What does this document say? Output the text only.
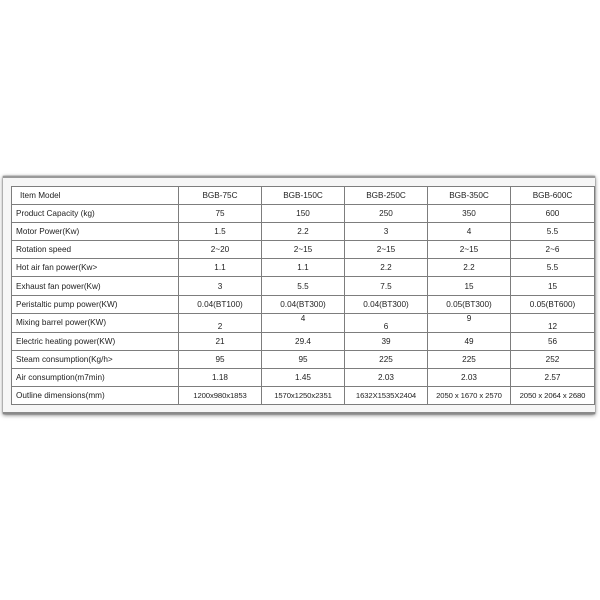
Item Model	BGB-75C	BGB-150C	BGB-250C	BGB-350C	BGB-600C
Product Capacity (kg)	75	150	250	350	600
Motor Power(Kw)	1.5	2.2	3	4	5.5
Rotation speed	2~20	2~15	2~15	2~15	2~6
Hot air fan power(Kw>	1.1	1.1	2.2	2.2	5.5
Exhaust fan power(Kw)	3	5.5	7.5	15	15
Peristaltic pump power(KW)	0.04(BT100)	0.04(BT300)	0.04(BT300)	0.05(BT300)	0.05(BT600)
Mixing barrel power(KW)	2	4	6	9	12
Electric heating power(KW)	21	29.4	39	49	56
Steam consumption(Kg/h>	95	95	225	225	252
Air consumption(m7min)	1.18	1.45	2.03	2.03	2.57
Outline dimensions(mm)	1200x980x1853	1570x1250x2351	1632X1535X2404	2050 x 1670 x 2570	2050 x 2064 x 2680
